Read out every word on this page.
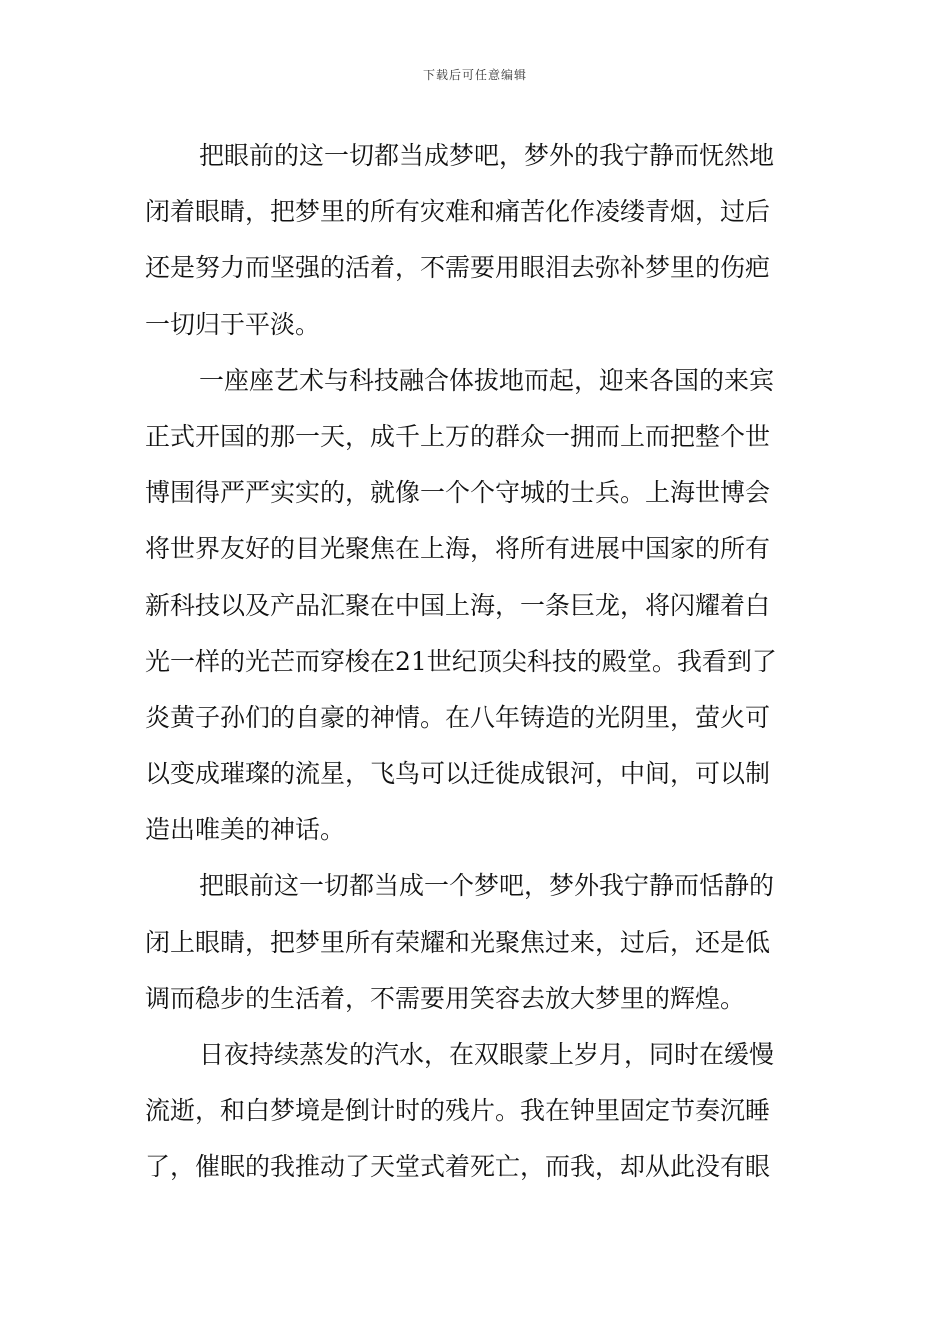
下载后可任意编辑
把眼前的这一切都当成梦吧，梦外的我宁静而怃然地
闭着眼睛，把梦里的所有灾难和痛苦化作凌缕青烟，过后
还是努力而坚强的活着，不需要用眼泪去弥补梦里的伤疤
一切归于平淡。
一座座艺术与科技融合体拔地而起，迎来各国的来宾
正式开国的那一天，成千上万的群众一拥而上而把整个世
博围得严严实实的，就像一个个守城的士兵。上海世博会
将世界友好的目光聚焦在上海，将所有进展中国家的所有
新科技以及产品汇聚在中国上海，一条巨龙，将闪耀着白
光一样的光芒而穿梭在21世纪顶尖科技的殿堂。我看到了
炎黄子孙们的自豪的神情。在八年铸造的光阴里，萤火可
以变成璀璨的流星，飞鸟可以迁徙成银河，中间，可以制
造出唯美的神话。
把眼前这一切都当成一个梦吧，梦外我宁静而恬静的
闭上眼睛，把梦里所有荣耀和光聚焦过来，过后，还是低
调而稳步的生活着，不需要用笑容去放大梦里的辉煌。
日夜持续蒸发的汽水，在双眼蒙上岁月，同时在缓慢
流逝，和白梦境是倒计时的残片。我在钟里固定节奏沉睡
了，催眠的我推动了天堂式着死亡，而我，却从此没有眼
